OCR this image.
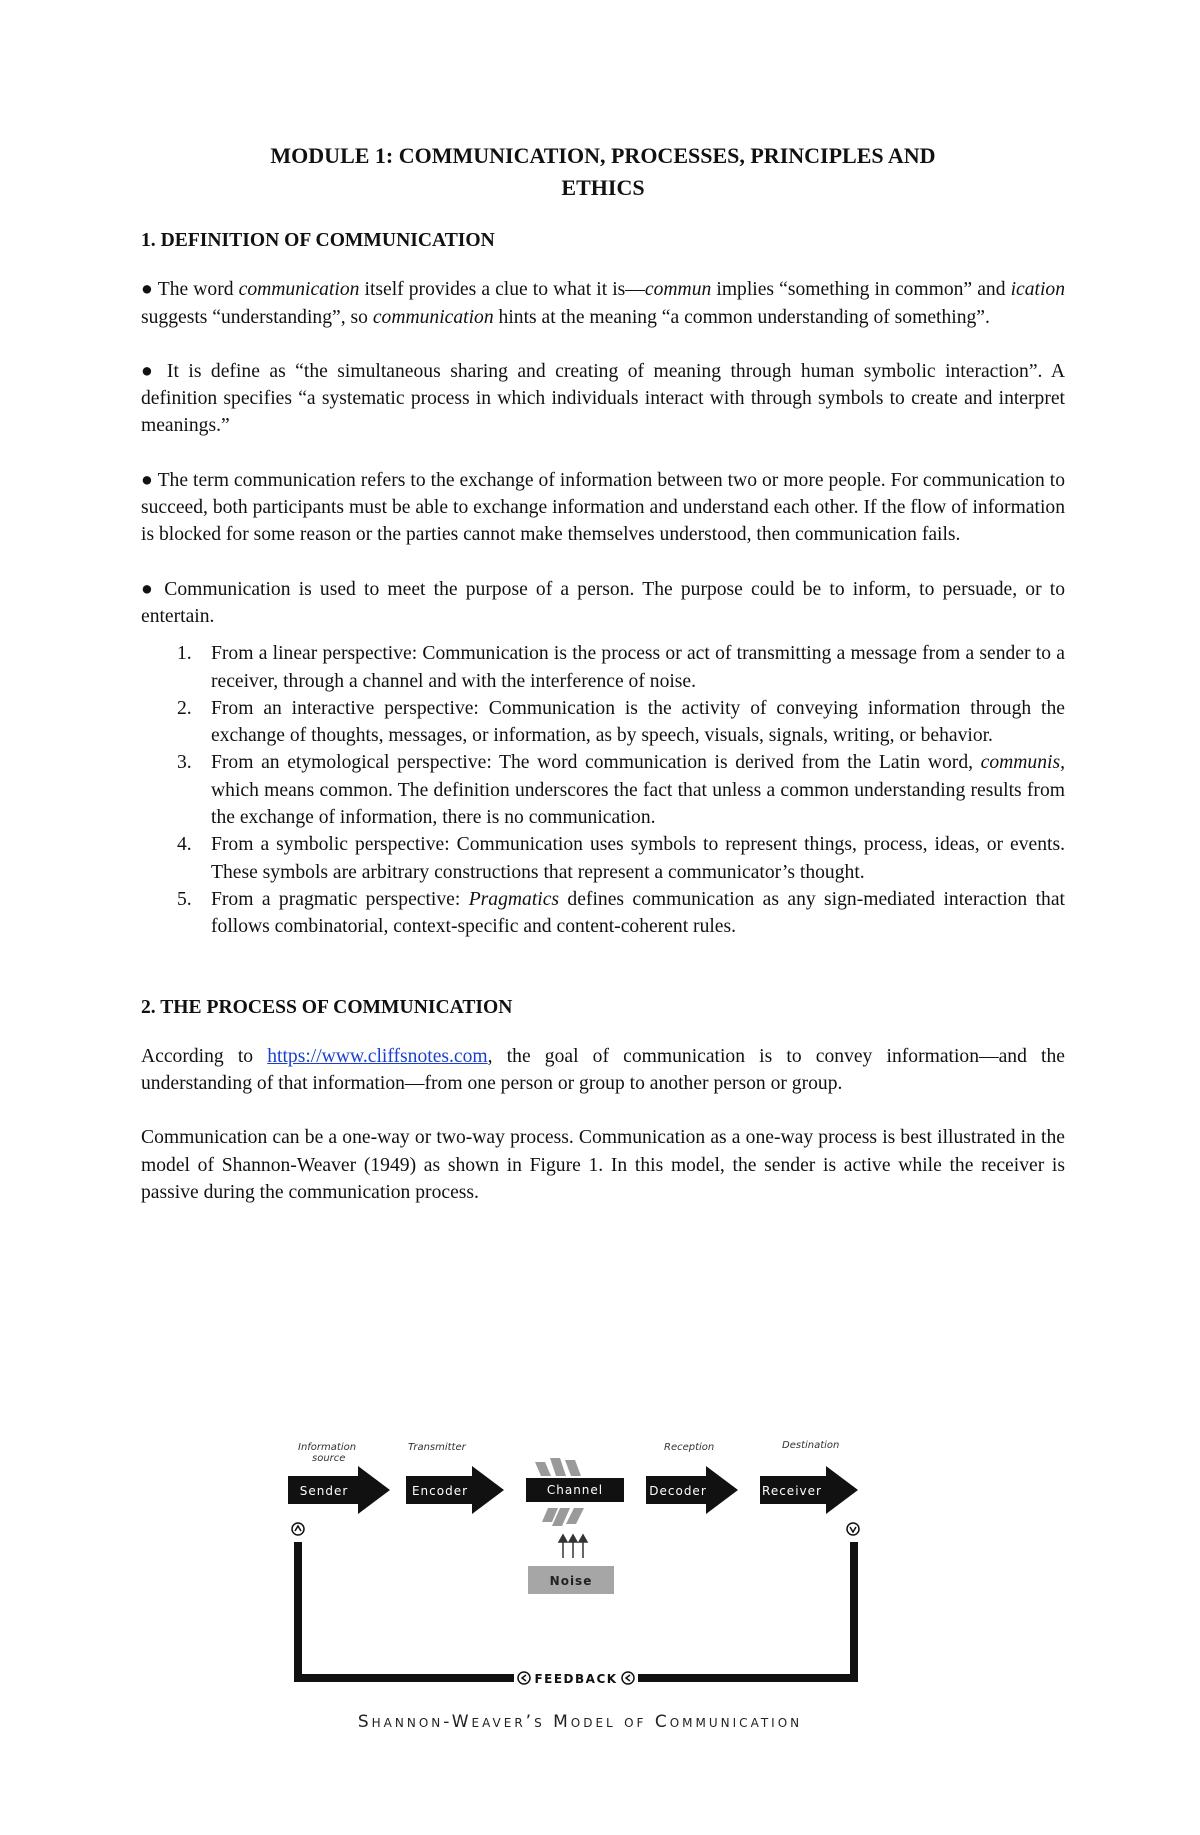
MODULE 1: COMMUNICATION, PROCESSES, PRINCIPLES AND
ETHICS
1. DEFINITION OF COMMUNICATION

● The word communication itself provides a clue to what it is—commun implies “something in common” and ication suggests “understanding”, so communication hints at the meaning “a common understanding of something”.

● It is define as “the simultaneous sharing and creating of meaning through human symbolic interaction”. A definition specifies “a systematic process in which individuals interact with through symbols to create and interpret meanings.”

● The term communication refers to the exchange of information between two or more people. For communication to succeed, both participants must be able to exchange information and understand each other. If the flow of information is blocked for some reason or the parties cannot make themselves understood, then communication fails.

● Communication is used to meet the purpose of a person. The purpose could be to inform, to persuade, or to entertain.

1. From a linear perspective: Communication is the process or act of transmitting a message from a sender to a receiver, through a channel and with the interference of noise.
2. From an interactive perspective: Communication is the activity of conveying information through the exchange of thoughts, messages, or information, as by speech, visuals, signals, writing, or behavior.
3. From an etymological perspective: The word communication is derived from the Latin word, communis, which means common. The definition underscores the fact that unless a common understanding results from the exchange of information, there is no communication.
4. From a symbolic perspective: Communication uses symbols to represent things, process, ideas, or events. These symbols are arbitrary constructions that represent a communicator’s thought.
5. From a pragmatic perspective: Pragmatics defines communication as any sign-mediated interaction that follows combinatorial, context-specific and content-coherent rules.
2. THE PROCESS OF COMMUNICATION

According to https://www.cliffsnotes.com, the goal of communication is to convey information—and the understanding of that information—from one person or group to another person or group.

Communication can be a one-way or two-way process. Communication as a one-way process is best illustrated in the model of Shannon-Weaver (1949) as shown in Figure 1. In this model, the sender is active while the receiver is passive during the communication process.

Information
source
Transmitter	Reception	Destination
Sender	Encoder	Channel	Decoder	Receiver
Noise
FEEDBACK
Shannon-Weaver’s Model of Communication
